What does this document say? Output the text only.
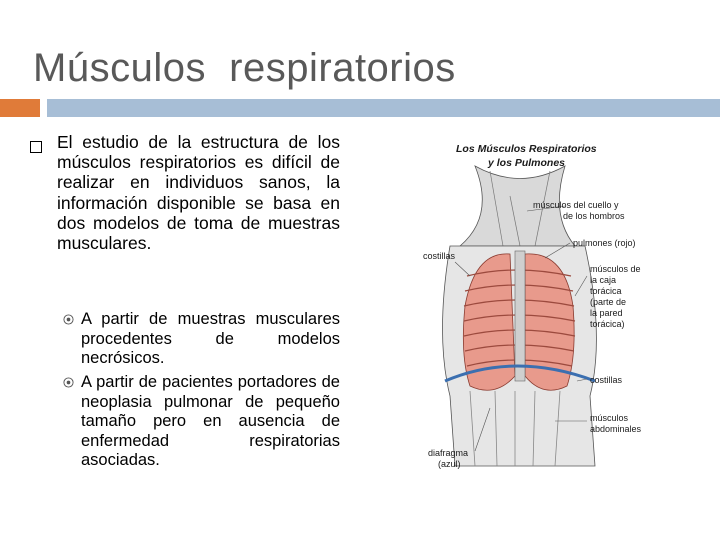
Músculos  respiratorios
El estudio de la estructura de los músculos respiratorios es difícil de realizar en individuos sanos, la información disponible se basa en dos modelos de toma de muestras musculares.
A partir de muestras musculares procedentes de modelos necrósicos.
A partir de pacientes portadores de neoplasia pulmonar de pequeño tamaño pero en ausencia de enfermedad respiratorias asociadas.
Los Músculos Respiratorios
y los Pulmones
músculos del cuello y
de los hombros
pulmones (rojo)
costillas
músculos de
la caja
torácica
(parte de
la pared
torácica)
costillas
músculos
abdominales
diafragma
(azul)
